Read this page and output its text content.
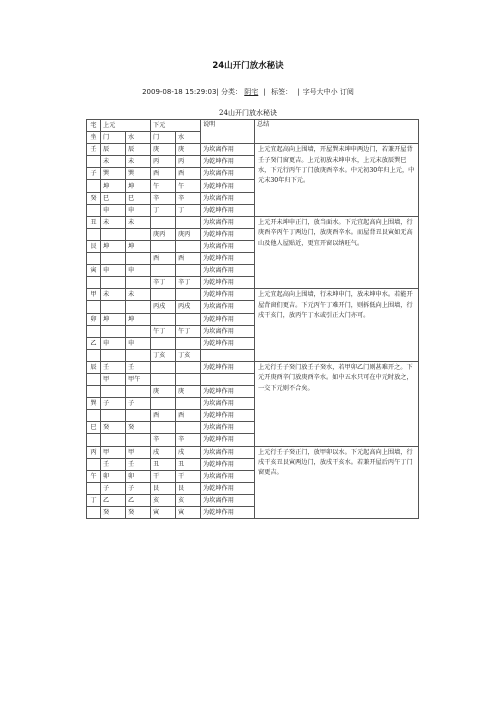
24山开门放水秘诀
2009-08-18 15:29:03| 分类： 阴宅 | 标签： | 字号大中小 订阅
24山开门放水秘诀
宅	上元		下元		说明	总结
坐	门	水	门	水		
壬	辰	辰	庚	庚	为坎离作用	上元宜起高向上围墙，开屋巽未坤申两边门，若兼开屋背壬子癸门窗更吉。上元初放未坤申水，上元末放辰巽巳水，下元行丙午丁门放庚酉辛水。中元初30年归上元，中元末30年归下元。
	未	未	丙	丙	为乾坤作用	
子	巽	巽	酉	酉	为坎离作用	
	坤	坤	午	午	为乾坤作用	
癸	巳	巳	辛	辛	为坎离作用	
	申	申	丁	丁	为乾坤作用	
丑	未	未			为坎离作用	上元开未坤申正门，放当面水。下元宜起高向上围墙，行庚酉辛丙午丁两边门，放庚酉辛水。而屋背丑艮寅如无高山及他人屋贴近，更宜开窗以纳旺气。
			庚丙	庚丙	为乾坤作用	
艮	坤	坤			为坎离作用	
			酉	酉	为乾坤作用	
寅	申	申			为坎离作用	
			辛丁	辛丁	为乾坤作用	
甲	未	未			为乾坤作用	上元宜起高向上围墙，行未坤申门，放未坤申水。若能开屋背窗们更吉。下元丙午丁难开门，则拆低向上围墙，行戌干亥门，放丙午丁水或引正大门亦可。
			丙戌	丙戌	为坎离作用	
卯	坤	坤			为乾坤作用	
			午丁	午丁	为坎离作用	
乙	申	申			为乾坤作用	
			丁亥	丁亥		
辰	壬	壬			为乾坤作用	上元行壬子癸门放壬子癸水，若甲卯乙门则甚难开之。下元开庚酉辛门放庚酉辛水。如中五水只可在中元时放之，一交下元则不合矣。
	甲	甲午				
			庚	庚	为乾坤作用	
巽	子	子			为坎离作用	
			酉	酉	为乾坤作用	
巳	癸	癸			为坎离作用	
			辛	辛	为乾坤作用	
丙	甲	甲	戌	戌	为坎离作用	上元行壬子癸正门，放甲卯以水。下元起高向上围墙，行戌干亥丑艮寅两边门，放戌干亥水。若兼开屋后丙午丁门窗更吉。
	壬	壬	丑	丑	为乾坤作用	
午	卯	卯	干	干	为坎离作用	
	子	子	艮	艮	为乾坤作用	
丁	乙	乙	亥	亥	为坎离作用	
	癸	癸	寅	寅	为乾坤作用	
